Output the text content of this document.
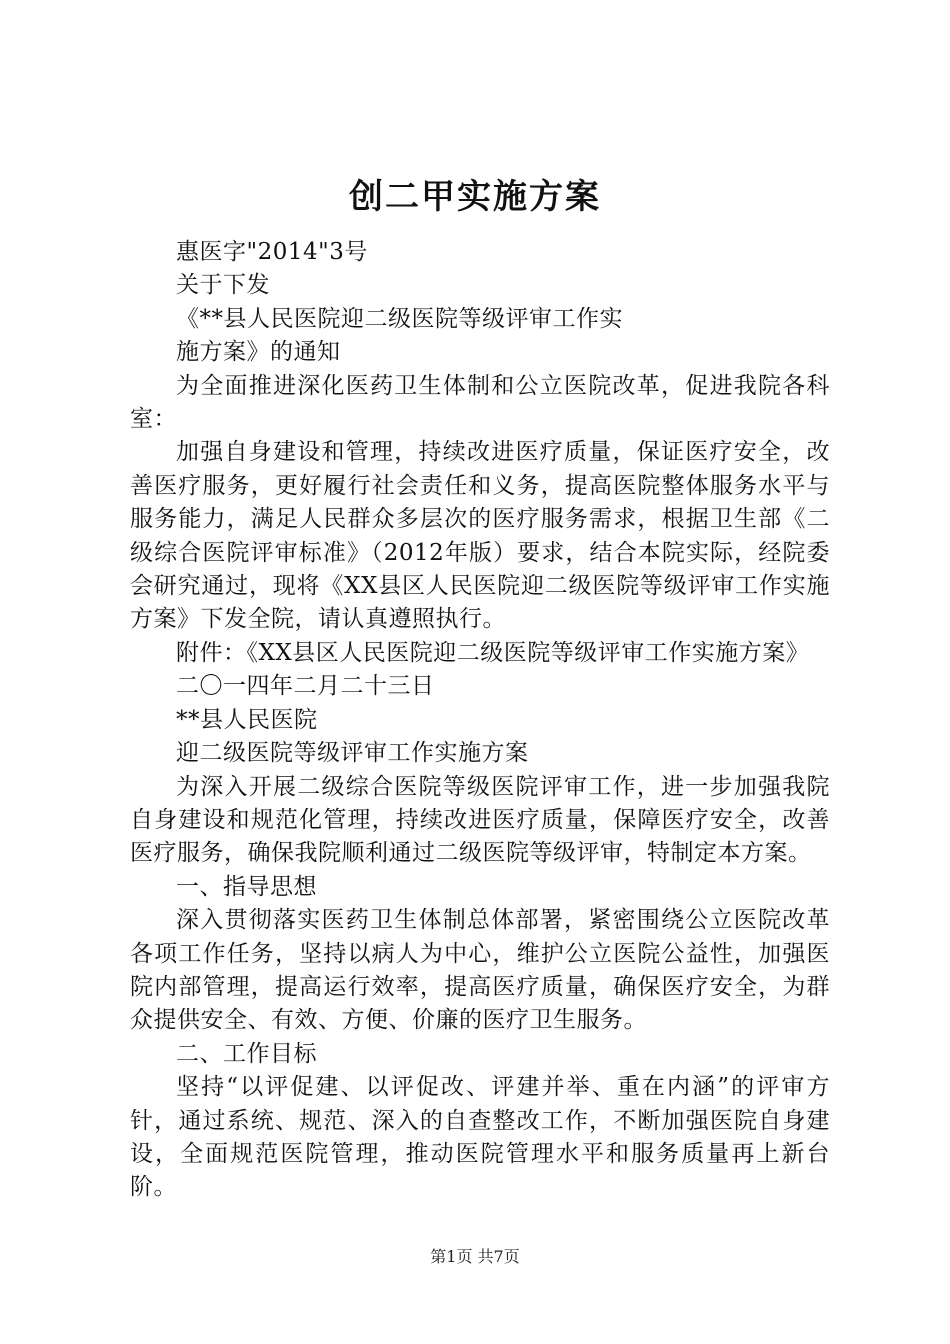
创二甲实施方案

惠医字"2014"3号

关于下发

《**县人民医院迎二级医院等级评审工作实

施方案》的通知

为全面推进深化医药卫生体制和公立医院改革，促进我院各科室：

加强自身建设和管理，持续改进医疗质量，保证医疗安全，改善医疗服务，更好履行社会责任和义务，提高医院整体服务水平与服务能力，满足人民群众多层次的医疗服务需求，根据卫生部《二级综合医院评审标准》（2012年版）要求，结合本院实际，经院委会研究通过，现将《XX县区人民医院迎二级医院等级评审工作实施方案》下发全院，请认真遵照执行。

附件：《XX县区人民医院迎二级医院等级评审工作实施方案》

二〇一四年二月二十三日

**县人民医院

迎二级医院等级评审工作实施方案

为深入开展二级综合医院等级医院评审工作，进一步加强我院自身建设和规范化管理，持续改进医疗质量，保障医疗安全，改善医疗服务，确保我院顺利通过二级医院等级评审，特制定本方案。

一、指导思想

深入贯彻落实医药卫生体制总体部署，紧密围绕公立医院改革各项工作任务，坚持以病人为中心，维护公立医院公益性，加强医院内部管理，提高运行效率，提高医疗质量，确保医疗安全，为群众提供安全、有效、方便、价廉的医疗卫生服务。

二、工作目标

坚持“以评促建、以评促改、评建并举、重在内涵”的评审方针，通过系统、规范、深入的自查整改工作，不断加强医院自身建设，全面规范医院管理，推动医院管理水平和服务质量再上新台阶。

第1页 共7页
